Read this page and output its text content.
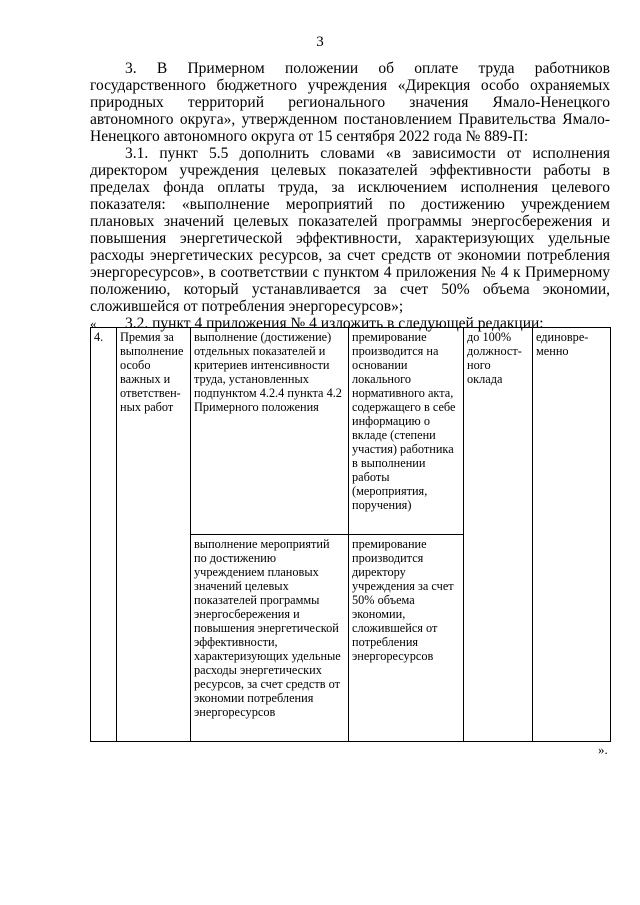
3

3. В Примерном положении об оплате труда работников государственного бюджетного учреждения «Дирекция особо охраняемых природных территорий регионального значения Ямало-Ненецкого автономного округа», утвержденном постановлением Правительства Ямало-Ненецкого автономного округа от 15 сентября 2022 года № 889-П:

3.1. пункт 5.5 дополнить словами «в зависимости от исполнения директором учреждения целевых показателей эффективности работы в пределах фонда оплаты труда, за исключением исполнения целевого показателя: «выполнение мероприятий по достижению учреждением плановых значений целевых показателей программы энергосбережения и повышения энергетической эффективности, характеризующих удельные расходы энергетических ресурсов, за счет средств от экономии потребления энергоресурсов», в соответствии с пунктом 4 приложения № 4 к Примерному положению, который устанавливается за счет 50% объема экономии, сложившейся от потребления энергоресурсов»;

3.2. пункт 4 приложения № 4 изложить в следующей редакции:

«
4.	Премия за выполнение особо важных и ответствен-ных работ	выполнение (достижение) отдельных показателей и критериев интенсивности труда, установленных подпунктом 4.2.4 пункта 4.2 Примерного положения	премирование производится на основании локального нормативного акта, содержащего в себе информацию о вкладе (степени участия) работника в выполнении работы (мероприятия, поручения)	до 100% должност-ного оклада	единовре-менно
		выполнение мероприятий по достижению учреждением плановых значений целевых показателей программы энергосбережения и повышения энергетической эффективности, характеризующих удельные расходы энергетических ресурсов, за счет средств от экономии потребления энергоресурсов	премирование производится директору учреждения за счет 50% объема экономии, сложившейся от потребления энергоресурсов		
».
